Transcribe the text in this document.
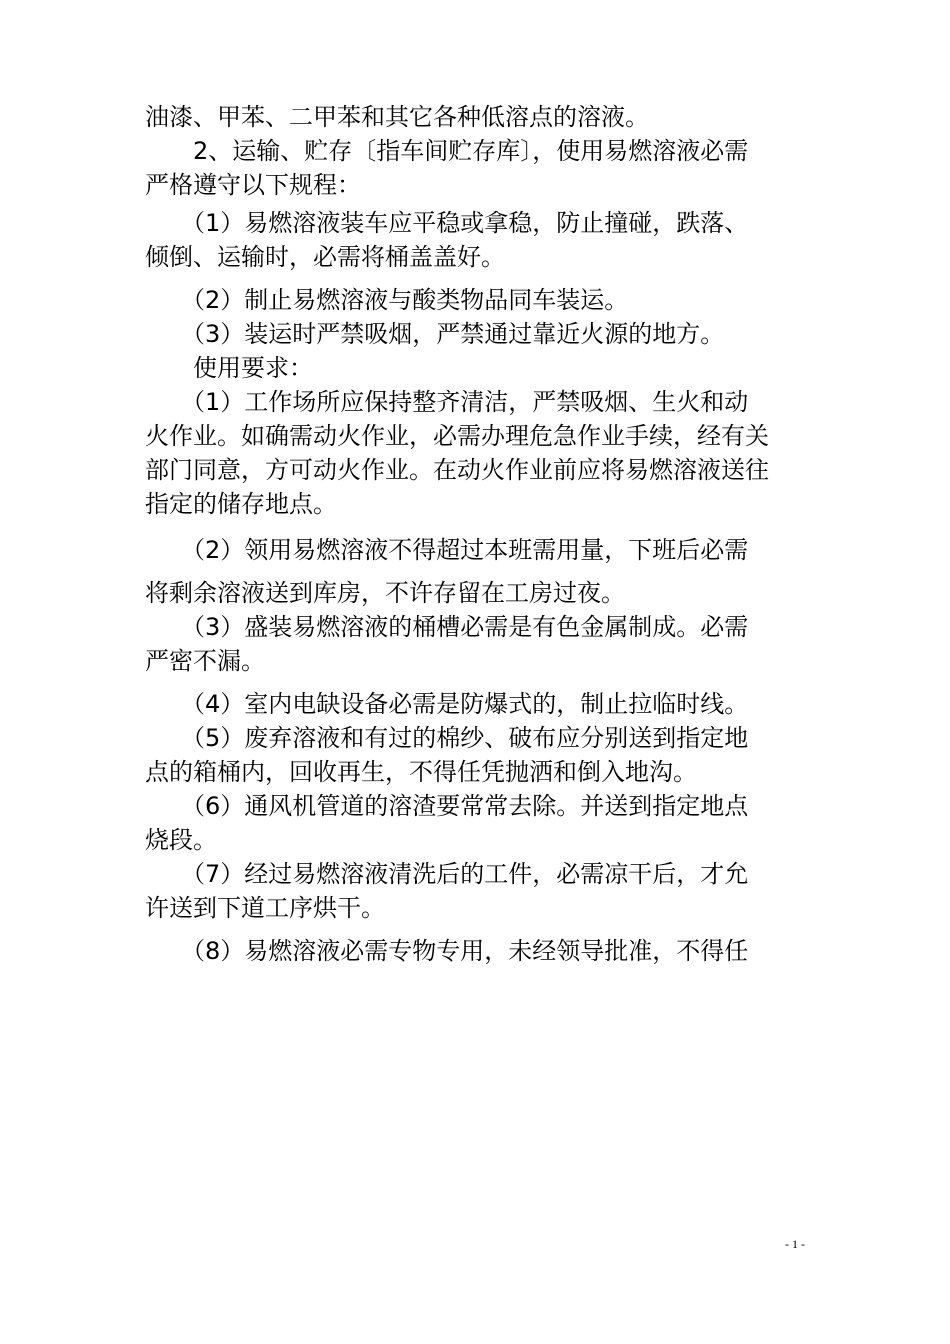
油漆、甲苯、二甲苯和其它各种低溶点的溶液。
　　2、运输、贮存〔指车间贮存库〕，使用易燃溶液必需
严格遵守以下规程：
　　（1）易燃溶液装车应平稳或拿稳，防止撞碰，跌落、
倾倒、运输时，必需将桶盖盖好。
　　（2）制止易燃溶液与酸类物品同车装运。
　　（3）装运时严禁吸烟，严禁通过靠近火源的地方。
　　使用要求：
　　（1）工作场所应保持整齐清洁，严禁吸烟、生火和动
火作业。如确需动火作业，必需办理危急作业手续，经有关
部门同意，方可动火作业。在动火作业前应将易燃溶液送往
指定的储存地点。
　　（2）领用易燃溶液不得超过本班需用量，下班后必需
将剩余溶液送到库房，不许存留在工房过夜。
　　（3）盛装易燃溶液的桶槽必需是有色金属制成。必需
严密不漏。
　　（4）室内电缺设备必需是防爆式的，制止拉临时线。
　　（5）废弃溶液和有过的棉纱、破布应分别送到指定地
点的箱桶内，回收再生，不得任凭抛洒和倒入地沟。
　　（6）通风机管道的溶渣要常常去除。并送到指定地点
烧段。
　　（7）经过易燃溶液清洗后的工件，必需凉干后，才允
许送到下道工序烘干。
　　（8）易燃溶液必需专物专用，未经领导批准，不得任
- 1 -
